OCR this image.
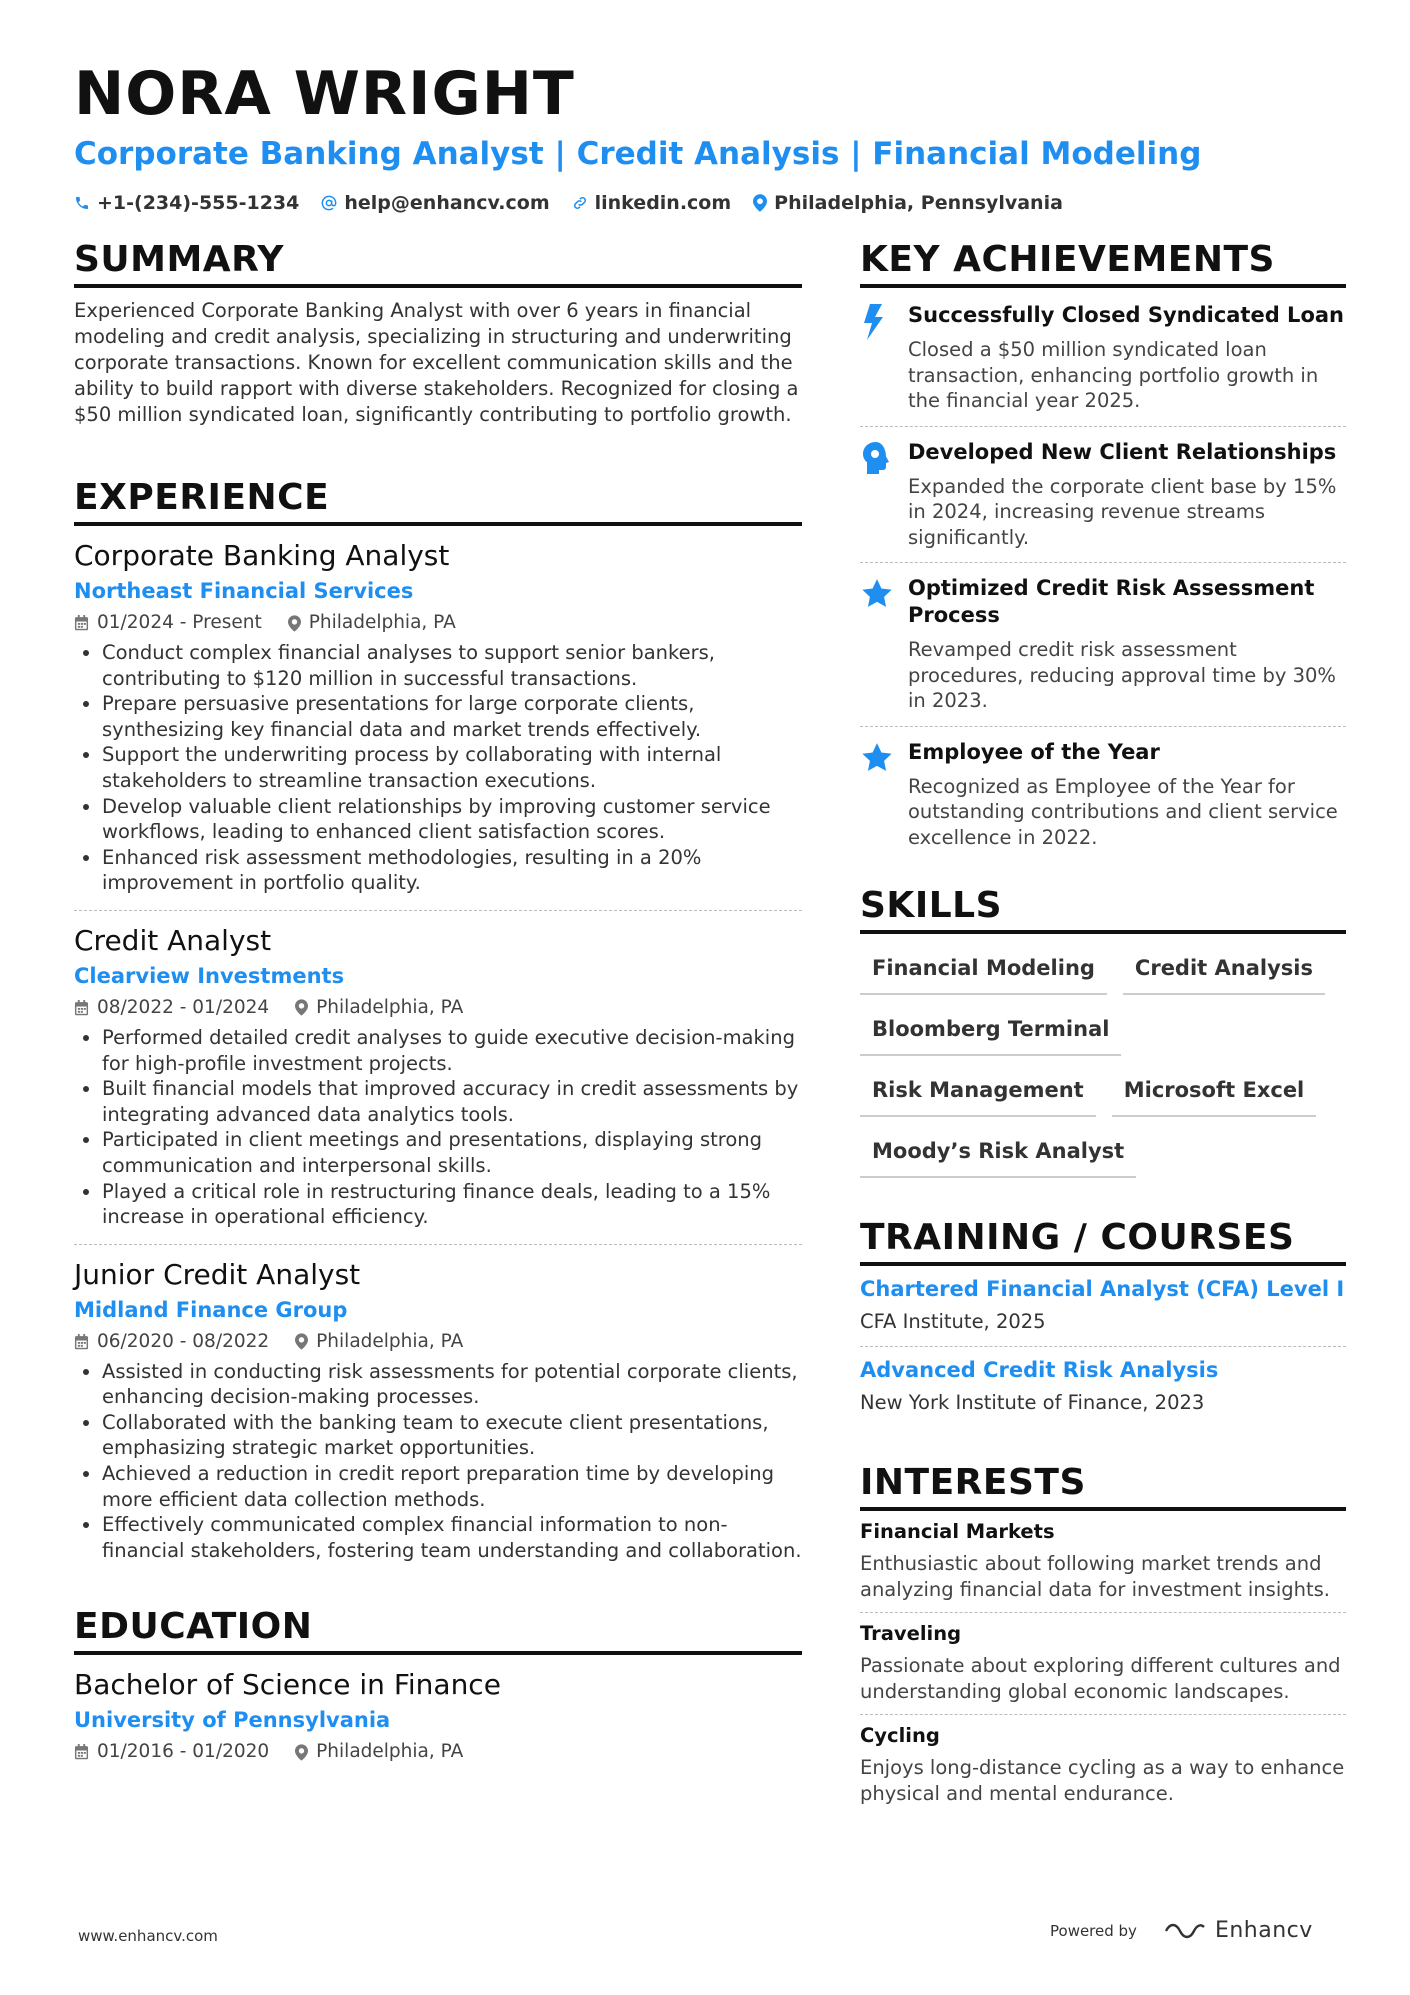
NORA WRIGHT
Corporate Banking Analyst | Credit Analysis | Financial Modeling
+1-(234)-555-1234 help@enhancv.com linkedin.com Philadelphia, Pennsylvania
SUMMARY
Experienced Corporate Banking Analyst with over 6 years in financial modeling and credit analysis, specializing in structuring and underwriting corporate transactions. Known for excellent communication skills and the ability to build rapport with diverse stakeholders. Recognized for closing a $50 million syndicated loan, significantly contributing to portfolio growth.
EXPERIENCE
Corporate Banking Analyst
Northeast Financial Services
01/2024 - Present	Philadelphia, PA
• Conduct complex financial analyses to support senior bankers, contributing to $120 million in successful transactions.
• Prepare persuasive presentations for large corporate clients, synthesizing key financial data and market trends effectively.
• Support the underwriting process by collaborating with internal stakeholders to streamline transaction executions.
• Develop valuable client relationships by improving customer service workflows, leading to enhanced client satisfaction scores.
• Enhanced risk assessment methodologies, resulting in a 20% improvement in portfolio quality.
Credit Analyst
Clearview Investments
08/2022 - 01/2024	Philadelphia, PA
• Performed detailed credit analyses to guide executive decision-making for high-profile investment projects.
• Built financial models that improved accuracy in credit assessments by integrating advanced data analytics tools.
• Participated in client meetings and presentations, displaying strong communication and interpersonal skills.
• Played a critical role in restructuring finance deals, leading to a 15% increase in operational efficiency.
Junior Credit Analyst
Midland Finance Group
06/2020 - 08/2022	Philadelphia, PA
• Assisted in conducting risk assessments for potential corporate clients, enhancing decision-making processes.
• Collaborated with the banking team to execute client presentations, emphasizing strategic market opportunities.
• Achieved a reduction in credit report preparation time by developing more efficient data collection methods.
• Effectively communicated complex financial information to non-financial stakeholders, fostering team understanding and collaboration.
EDUCATION
Bachelor of Science in Finance
University of Pennsylvania
01/2016 - 01/2020	Philadelphia, PA
KEY ACHIEVEMENTS
Successfully Closed Syndicated Loan
Closed a $50 million syndicated loan transaction, enhancing portfolio growth in the financial year 2025.
Developed New Client Relationships
Expanded the corporate client base by 15% in 2024, increasing revenue streams significantly.
Optimized Credit Risk Assessment Process
Revamped credit risk assessment procedures, reducing approval time by 30% in 2023.
Employee of the Year
Recognized as Employee of the Year for outstanding contributions and client service excellence in 2022.
SKILLS
Financial Modeling	Credit Analysis
Bloomberg Terminal
Risk Management	Microsoft Excel
Moody’s Risk Analyst
TRAINING / COURSES
Chartered Financial Analyst (CFA) Level I
CFA Institute, 2025
Advanced Credit Risk Analysis
New York Institute of Finance, 2023
INTERESTS
Financial Markets
Enthusiastic about following market trends and analyzing financial data for investment insights.
Traveling
Passionate about exploring different cultures and understanding global economic landscapes.
Cycling
Enjoys long-distance cycling as a way to enhance physical and mental endurance.
www.enhancv.com	Powered by	Enhancv
